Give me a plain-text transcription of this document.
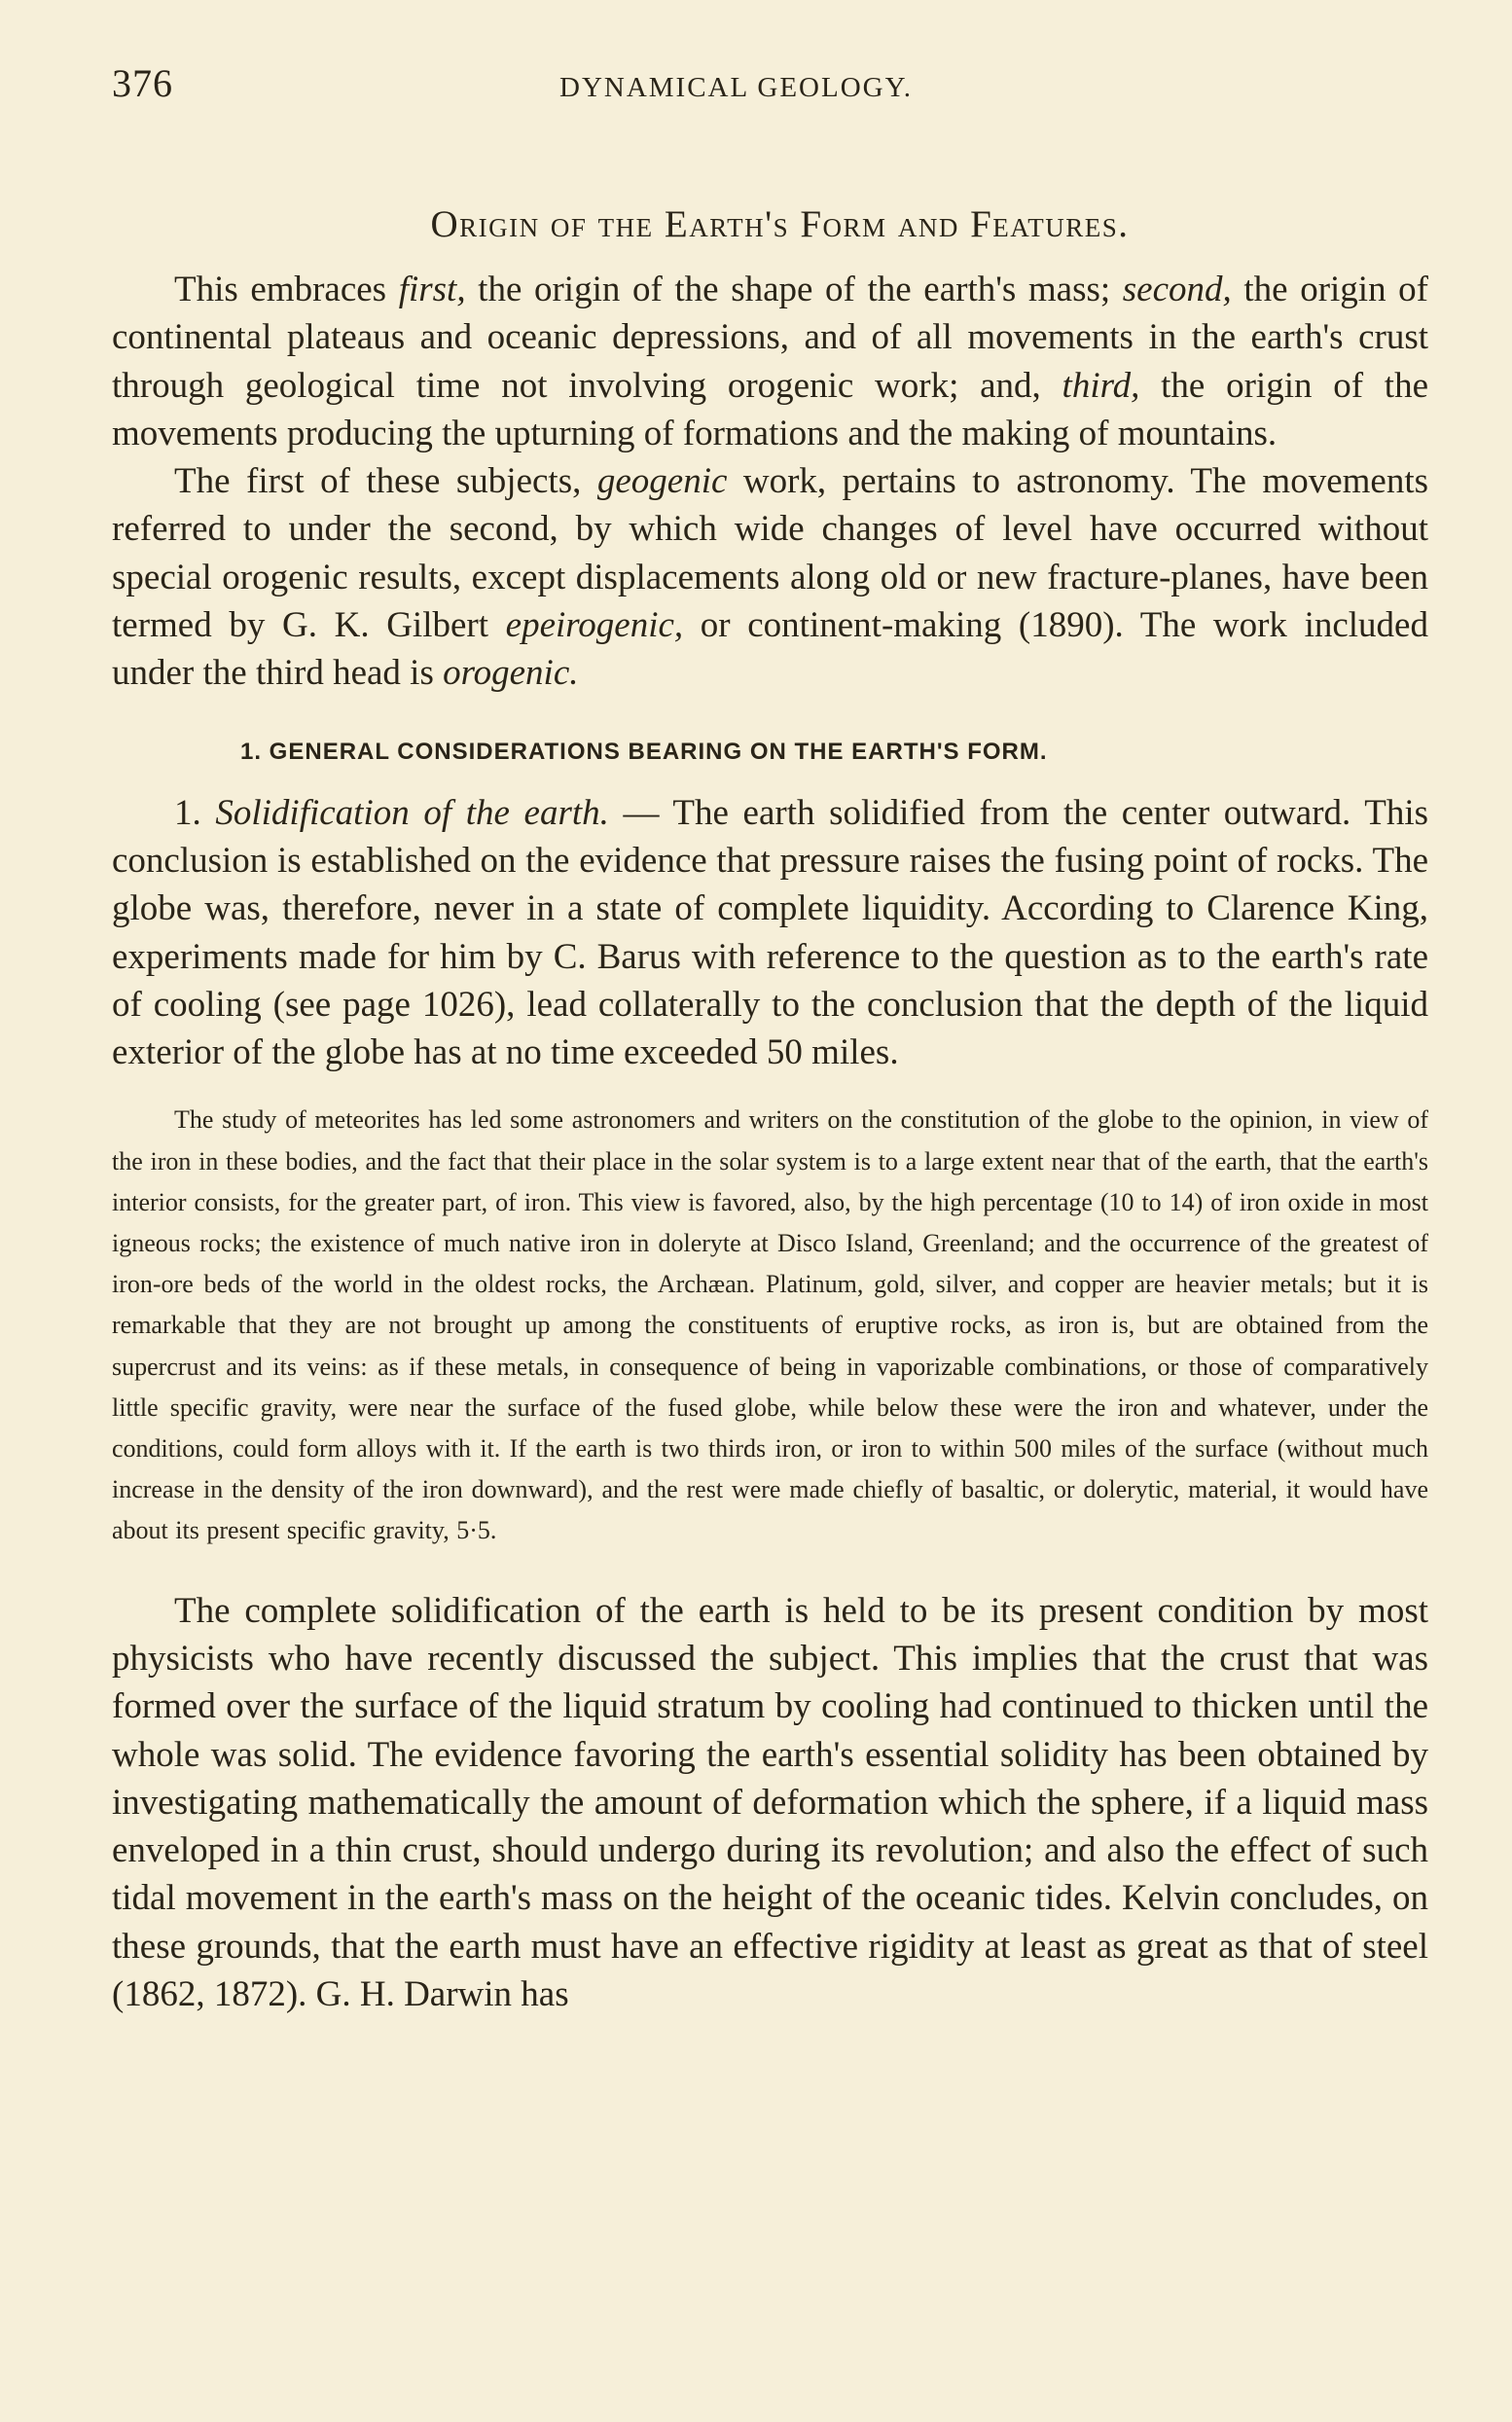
376	DYNAMICAL GEOLOGY.
Origin of the Earth's Form and Features.

This embraces first, the origin of the shape of the earth's mass; second, the origin of continental plateaus and oceanic depressions, and of all movements in the earth's crust through geological time not involving orogenic work; and, third, the origin of the movements producing the upturning of formations and the making of mountains.

The first of these subjects, geogenic work, pertains to astronomy. The movements referred to under the second, by which wide changes of level have occurred without special orogenic results, except displacements along old or new fracture-planes, have been termed by G. K. Gilbert epeirogenic, or continent-making (1890). The work included under the third head is orogenic.

1. GENERAL CONSIDERATIONS BEARING ON THE EARTH'S FORM.

1. Solidification of the earth. — The earth solidified from the center outward. This conclusion is established on the evidence that pressure raises the fusing point of rocks. The globe was, therefore, never in a state of complete liquidity. According to Clarence King, experiments made for him by C. Barus with reference to the question as to the earth's rate of cooling (see page 1026), lead collaterally to the conclusion that the depth of the liquid exterior of the globe has at no time exceeded 50 miles.

The study of meteorites has led some astronomers and writers on the constitution of the globe to the opinion, in view of the iron in these bodies, and the fact that their place in the solar system is to a large extent near that of the earth, that the earth's interior consists, for the greater part, of iron. This view is favored, also, by the high percentage (10 to 14) of iron oxide in most igneous rocks; the existence of much native iron in doleryte at Disco Island, Greenland; and the occurrence of the greatest of iron-ore beds of the world in the oldest rocks, the Archæan. Platinum, gold, silver, and copper are heavier metals; but it is remarkable that they are not brought up among the constituents of eruptive rocks, as iron is, but are obtained from the supercrust and its veins: as if these metals, in consequence of being in vaporizable combinations, or those of comparatively little specific gravity, were near the surface of the fused globe, while below these were the iron and whatever, under the conditions, could form alloys with it. If the earth is two thirds iron, or iron to within 500 miles of the surface (without much increase in the density of the iron downward), and the rest were made chiefly of basaltic, or dolerytic, material, it would have about its present specific gravity, 5·5.

The complete solidification of the earth is held to be its present condition by most physicists who have recently discussed the subject. This implies that the crust that was formed over the surface of the liquid stratum by cooling had continued to thicken until the whole was solid. The evidence favoring the earth's essential solidity has been obtained by investigating mathematically the amount of deformation which the sphere, if a liquid mass enveloped in a thin crust, should undergo during its revolution; and also the effect of such tidal movement in the earth's mass on the height of the oceanic tides. Kelvin concludes, on these grounds, that the earth must have an effective rigidity at least as great as that of steel (1862, 1872). G. H. Darwin has
